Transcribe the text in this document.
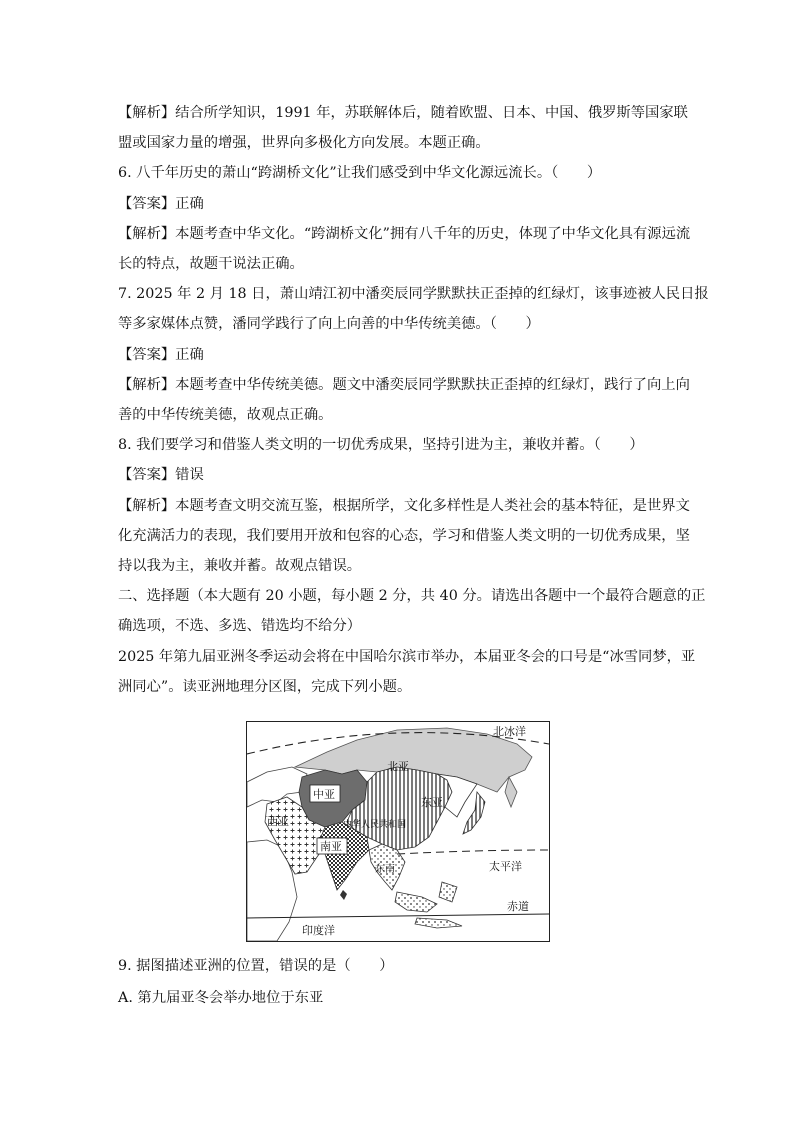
【解析】结合所学知识，1991 年，苏联解体后，随着欧盟、日本、中国、俄罗斯等国家联

盟或国家力量的增强，世界向多极化方向发展。本题正确。

6. 八千年历史的萧山“跨湖桥文化”让我们感受到中华文化源远流长。（　　）

【答案】正确

【解析】本题考查中华文化。“跨湖桥文化”拥有八千年的历史，体现了中华文化具有源远流

长的特点，故题干说法正确。

7. 2025 年 2 月 18 日，萧山靖江初中潘奕辰同学默默扶正歪掉的红绿灯，该事迹被人民日报

等多家媒体点赞，潘同学践行了向上向善的中华传统美德。（　　）

【答案】正确

【解析】本题考查中华传统美德。题文中潘奕辰同学默默扶正歪掉的红绿灯，践行了向上向

善的中华传统美德，故观点正确。

8. 我们要学习和借鉴人类文明的一切优秀成果，坚持引进为主，兼收并蓄。（　　）

【答案】错误

【解析】本题考查文明交流互鉴，根据所学，文化多样性是人类社会的基本特征，是世界文

化充满活力的表现，我们要用开放和包容的心态，学习和借鉴人类文明的一切优秀成果，坚

持以我为主，兼收并蓄。故观点错误。

二、选择题（本大题有 20 小题，每小题 2 分，共 40 分。请选出各题中一个最符合题意的正

确选项，不选、多选、错选均不给分）

2025 年第九届亚洲冬季运动会将在中国哈尔滨市举办，本届亚冬会的口号是“冰雪同梦，亚

洲同心”。读亚洲地理分区图，完成下列小题。

北冰洋
北亚
中亚
东亚
西亚	中华人民共和国
南亚
东南	太平洋
赤道
印度洋

9. 据图描述亚洲的位置，错误的是（　　）

A. 第九届亚冬会举办地位于东亚
